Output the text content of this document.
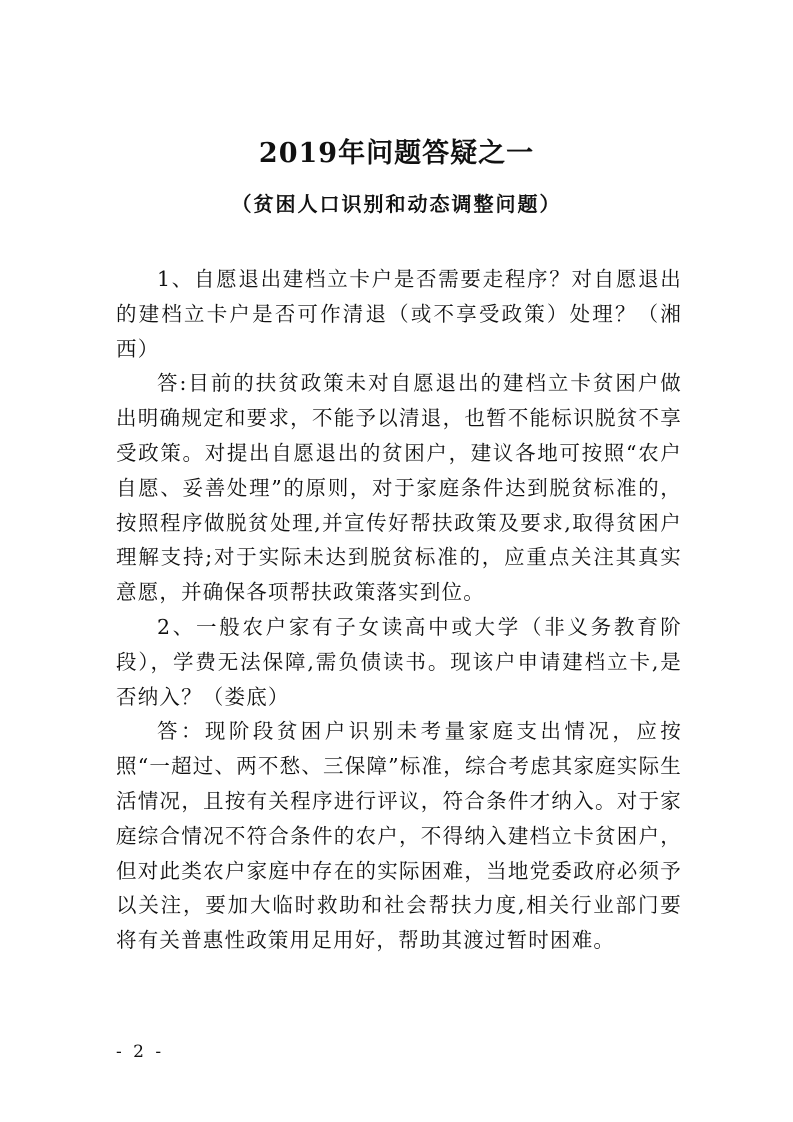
2019年问题答疑之一
（贫困人口识别和动态调整问题）

1、自愿退出建档立卡户是否需要走程序？对自愿退出的建档立卡户是否可作清退（或不享受政策）处理？（湘西）

答:目前的扶贫政策未对自愿退出的建档立卡贫困户做出明确规定和要求，不能予以清退，也暂不能标识脱贫不享受政策。对提出自愿退出的贫困户，建议各地可按照“农户自愿、妥善处理”的原则，对于家庭条件达到脱贫标准的，按照程序做脱贫处理,并宣传好帮扶政策及要求,取得贫困户理解支持;对于实际未达到脱贫标准的，应重点关注其真实意愿，并确保各项帮扶政策落实到位。

2、一般农户家有子女读高中或大学（非义务教育阶段），学费无法保障,需负债读书。现该户申请建档立卡,是否纳入？（娄底）

答：现阶段贫困户识别未考量家庭支出情况，应按照“一超过、两不愁、三保障”标准，综合考虑其家庭实际生活情况，且按有关程序进行评议，符合条件才纳入。对于家庭综合情况不符合条件的农户，不得纳入建档立卡贫困户，但对此类农户家庭中存在的实际困难，当地党委政府必须予以关注，要加大临时救助和社会帮扶力度,相关行业部门要将有关普惠性政策用足用好，帮助其渡过暂时困难。

- 2 -
